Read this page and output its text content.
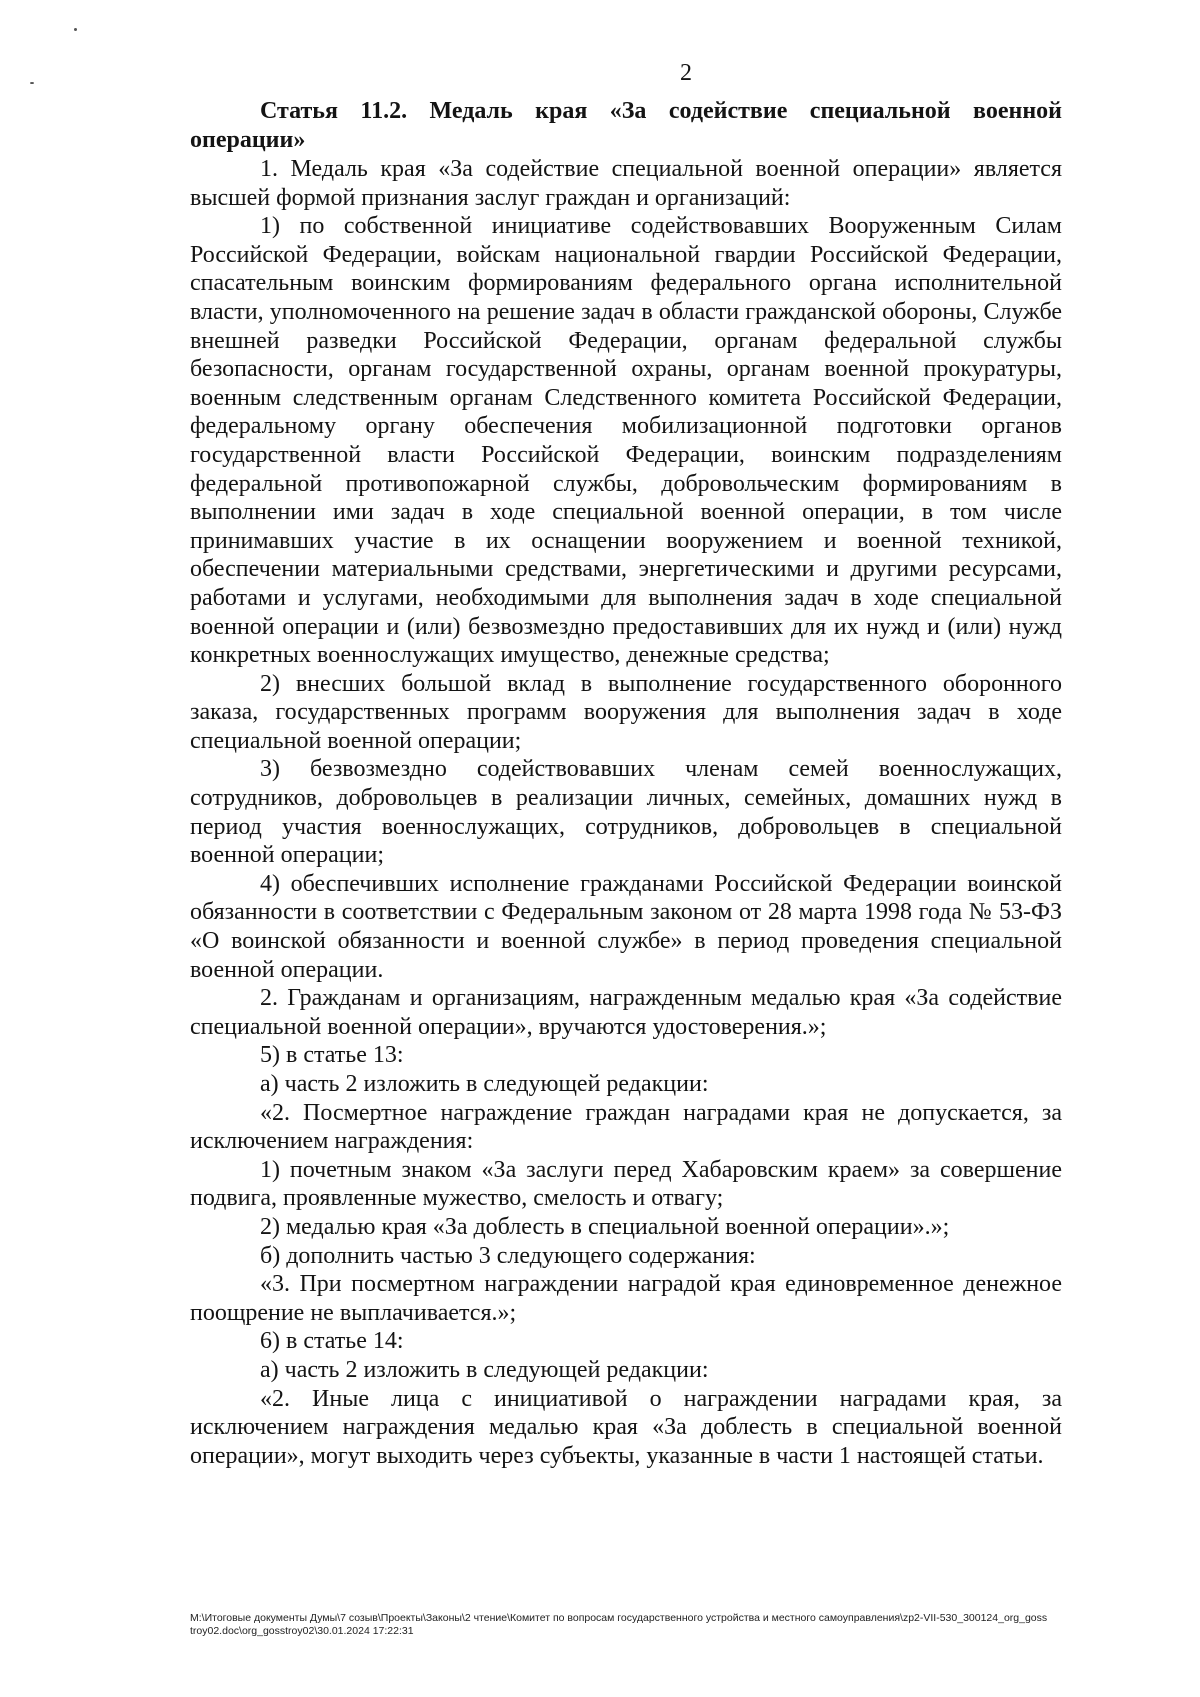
2

Статья 11.2. Медаль края «За содействие специальной военной операции»

1. Медаль края «За содействие специальной военной операции» является высшей формой признания заслуг граждан и организаций:

1) по собственной инициативе содействовавших Вооруженным Силам Российской Федерации, войскам национальной гвардии Российской Федерации, спасательным воинским формированиям федерального органа исполнительной власти, уполномоченного на решение задач в области гражданской обороны, Службе внешней разведки Российской Федерации, органам федеральной службы безопасности, органам государственной охраны, органам военной прокуратуры, военным следственным органам Следственного комитета Российской Федерации, федеральному органу обеспечения мобилизационной подготовки органов государственной власти Российской Федерации, воинским подразделениям федеральной противопожарной службы, добровольческим формированиям в выполнении ими задач в ходе специальной военной операции, в том числе принимавших участие в их оснащении вооружением и военной техникой, обеспечении материальными средствами, энергетическими и другими ресурсами, работами и услугами, необходимыми для выполнения задач в ходе специальной военной операции и (или) безвозмездно предоставивших для их нужд и (или) нужд конкретных военнослужащих имущество, денежные средства;

2) внесших большой вклад в выполнение государственного оборонного заказа, государственных программ вооружения для выполнения задач в ходе специальной военной операции;

3) безвозмездно содействовавших членам семей военнослужащих, сотрудников, добровольцев в реализации личных, семейных, домашних нужд в период участия военнослужащих, сотрудников, добровольцев в специальной военной операции;

4) обеспечивших исполнение гражданами Российской Федерации воинской обязанности в соответствии с Федеральным законом от 28 марта 1998 года № 53-ФЗ «О воинской обязанности и военной службе» в период проведения специальной военной операции.

2. Гражданам и организациям, награжденным медалью края «За содействие специальной военной операции», вручаются удостоверения.»;

5) в статье 13:

а) часть 2 изложить в следующей редакции:

«2. Посмертное награждение граждан наградами края не допускается, за исключением награждения:

1) почетным знаком «За заслуги перед Хабаровским краем» за совершение подвига, проявленные мужество, смелость и отвагу;

2) медалью края «За доблесть в специальной военной операции».»;

б) дополнить частью 3 следующего содержания:

«3. При посмертном награждении наградой края единовременное денежное поощрение не выплачивается.»;

6) в статье 14:

а) часть 2 изложить в следующей редакции:

«2. Иные лица с инициативой о награждении наградами края, за исключением награждения медалью края «За доблесть в специальной военной операции», могут выходить через субъекты, указанные в части 1 настоящей статьи.

M:\Итоговые документы Думы\7 созыв\Проекты\Законы\2 чтение\Комитет по вопросам государственного устройства и местного самоуправления\zp2-VII-530_300124_org_gosstroy02.doc\org_gosstroy02\30.01.2024 17:22:31
